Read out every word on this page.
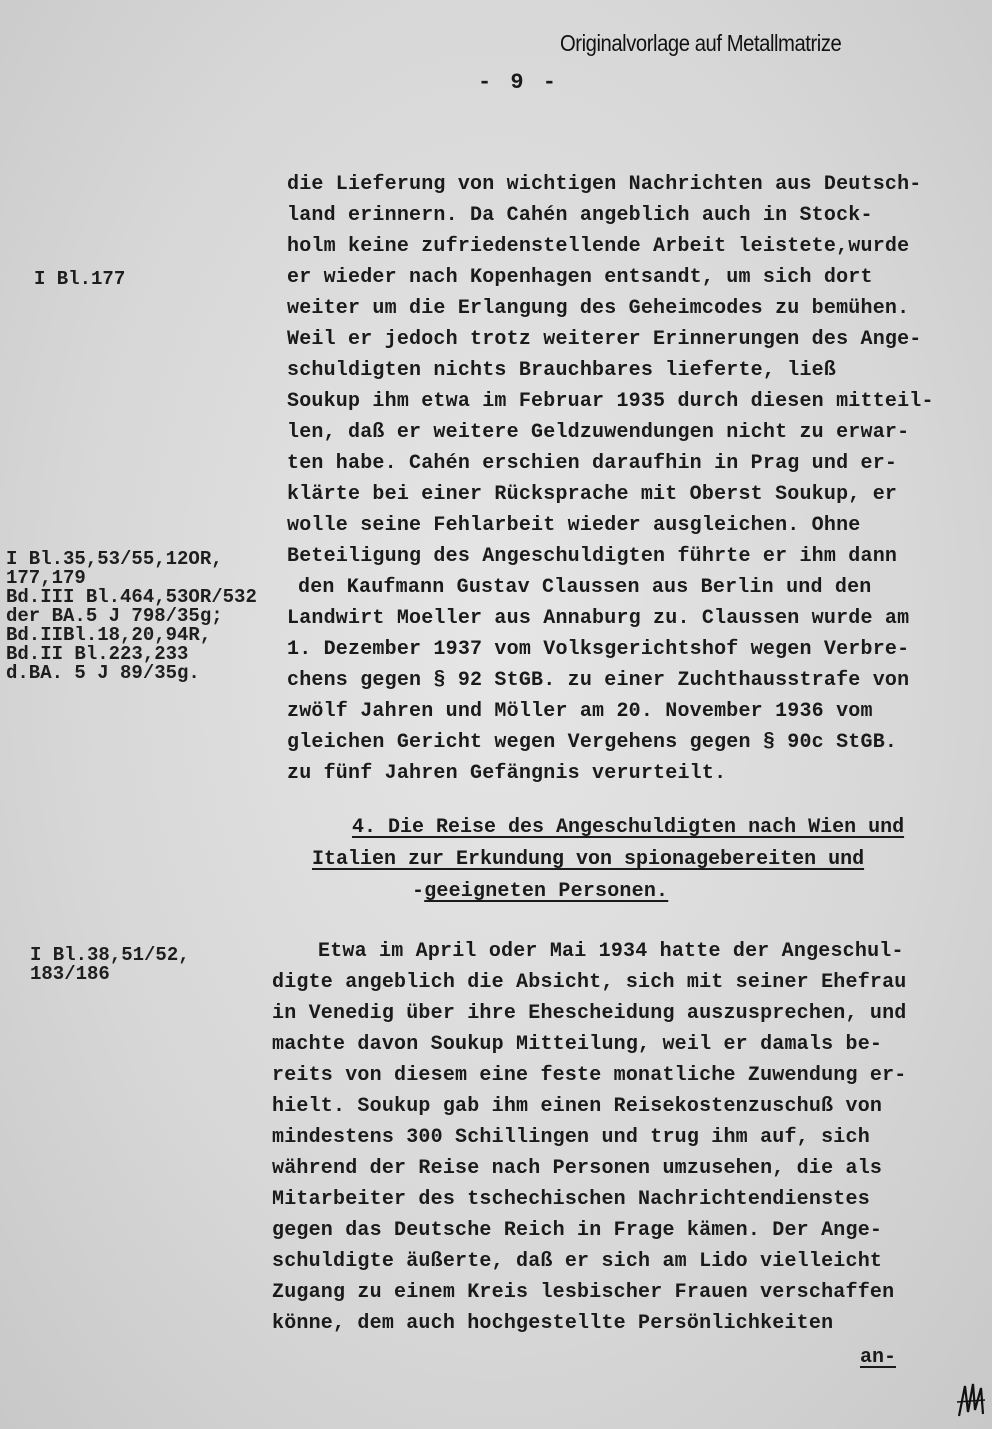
Originalvorlage auf Metallmatrize
- 9 -
I Bl.177
I Bl.35,53/55,12OR,
177,179
Bd.III Bl.464,53OR/532
der BA.5 J 798/35g;
Bd.IIBl.18,20,94R,
Bd.II Bl.223,233
d.BA. 5 J 89/35g.
I Bl.38,51/52,
183/186
die Lieferung von wichtigen Nachrichten aus Deutsch-
land erinnern. Da Cahén angeblich auch in Stock-
holm keine zufriedenstellende Arbeit leistete,wurde
er wieder nach Kopenhagen entsandt, um sich dort
weiter um die Erlangung des Geheimcodes zu bemühen.
Weil er jedoch trotz weiterer Erinnerungen des Ange-
schuldigten nichts Brauchbares lieferte, ließ
Soukup ihm etwa im Februar 1935 durch diesen mitteil-
len, daß er weitere Geldzuwendungen nicht zu erwar-
ten habe. Cahén erschien daraufhin in Prag und er-
klärte bei einer Rücksprache mit Oberst Soukup, er
wolle seine Fehlarbeit wieder ausgleichen. Ohne
Beteiligung des Angeschuldigten führte er ihm dann
den Kaufmann Gustav Claussen aus Berlin und den
Landwirt Moeller aus Annaburg zu. Claussen wurde am
1. Dezember 1937 vom Volksgerichtshof wegen Verbre-
chens gegen § 92 StGB. zu einer Zuchthausstrafe von
zwölf Jahren und Möller am 20. November 1936 vom
gleichen Gericht wegen Vergehens gegen § 90c StGB.
zu fünf Jahren Gefängnis verurteilt.
4. Die Reise des Angeschuldigten nach Wien und
Italien zur Erkundung von spionagebereiten und
-geeigneten Personen.
Etwa im April oder Mai 1934 hatte der Angeschul-
digte angeblich die Absicht, sich mit seiner Ehefrau
in Venedig über ihre Ehescheidung auszusprechen, und
machte davon Soukup Mitteilung, weil er damals be-
reits von diesem eine feste monatliche Zuwendung er-
hielt. Soukup gab ihm einen Reisekostenzuschuß von
mindestens 300 Schillingen und trug ihm auf, sich
während der Reise nach Personen umzusehen, die als
Mitarbeiter des tschechischen Nachrichtendienstes
gegen das Deutsche Reich in Frage kämen. Der Ange-
schuldigte äußerte, daß er sich am Lido vielleicht
Zugang zu einem Kreis lesbischer Frauen verschaffen
könne, dem auch hochgestellte Persönlichkeiten
an-
